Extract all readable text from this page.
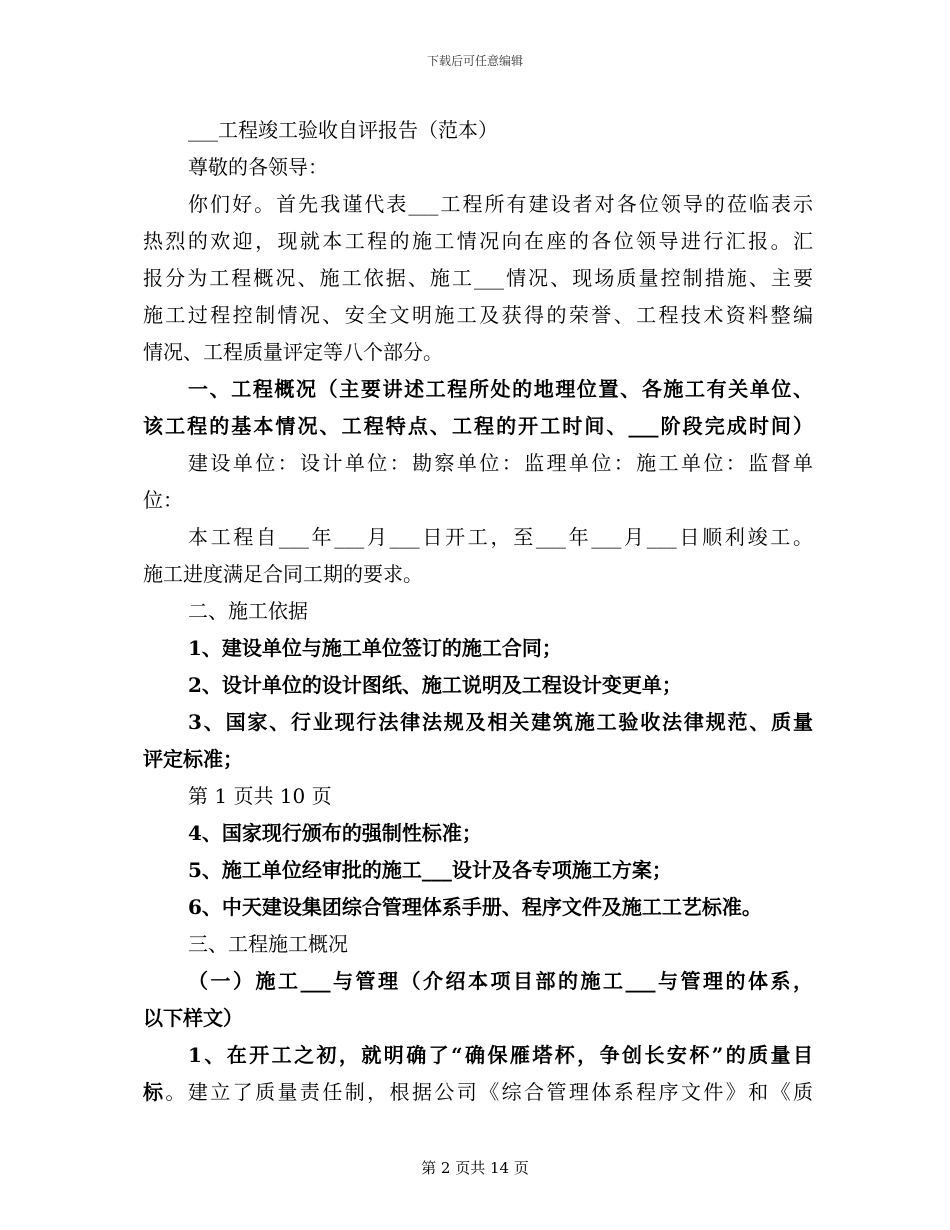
下载后可任意编辑
___工程竣工验收自评报告（范本）
尊敬的各领导：
你们好。首先我谨代表___工程所有建设者对各位领导的莅临表示
热烈的欢迎，现就本工程的施工情况向在座的各位领导进行汇报。汇
报分为工程概况、施工依据、施工___情况、现场质量控制措施、主要
施工过程控制情况、安全文明施工及获得的荣誉、工程技术资料整编
情况、工程质量评定等八个部分。
一、工程概况（主要讲述工程所处的地理位置、各施工有关单位、
该工程的基本情况、工程特点、工程的开工时间、___阶段完成时间）
建设单位：设计单位：勘察单位：监理单位：施工单位：监督单
位：
本工程自___年___月___日开工，至___年___月___日顺利竣工。
施工进度满足合同工期的要求。
二、施工依据
1、建设单位与施工单位签订的施工合同；
2、设计单位的设计图纸、施工说明及工程设计变更单；
3、国家、行业现行法律法规及相关建筑施工验收法律规范、质量
评定标准；
第 1 页共 10 页
4、国家现行颁布的强制性标准；
5、施工单位经审批的施工___设计及各专项施工方案；
6、中天建设集团综合管理体系手册、程序文件及施工工艺标准。
三、工程施工概况
（一）施工___与管理（介绍本项目部的施工___与管理的体系，
以下样文）
1、在开工之初，就明确了“确保雁塔杯，争创长安杯”的质量目
标。建立了质量责任制，根据公司《综合管理体系程序文件》和《质
第 2 页共 14 页
